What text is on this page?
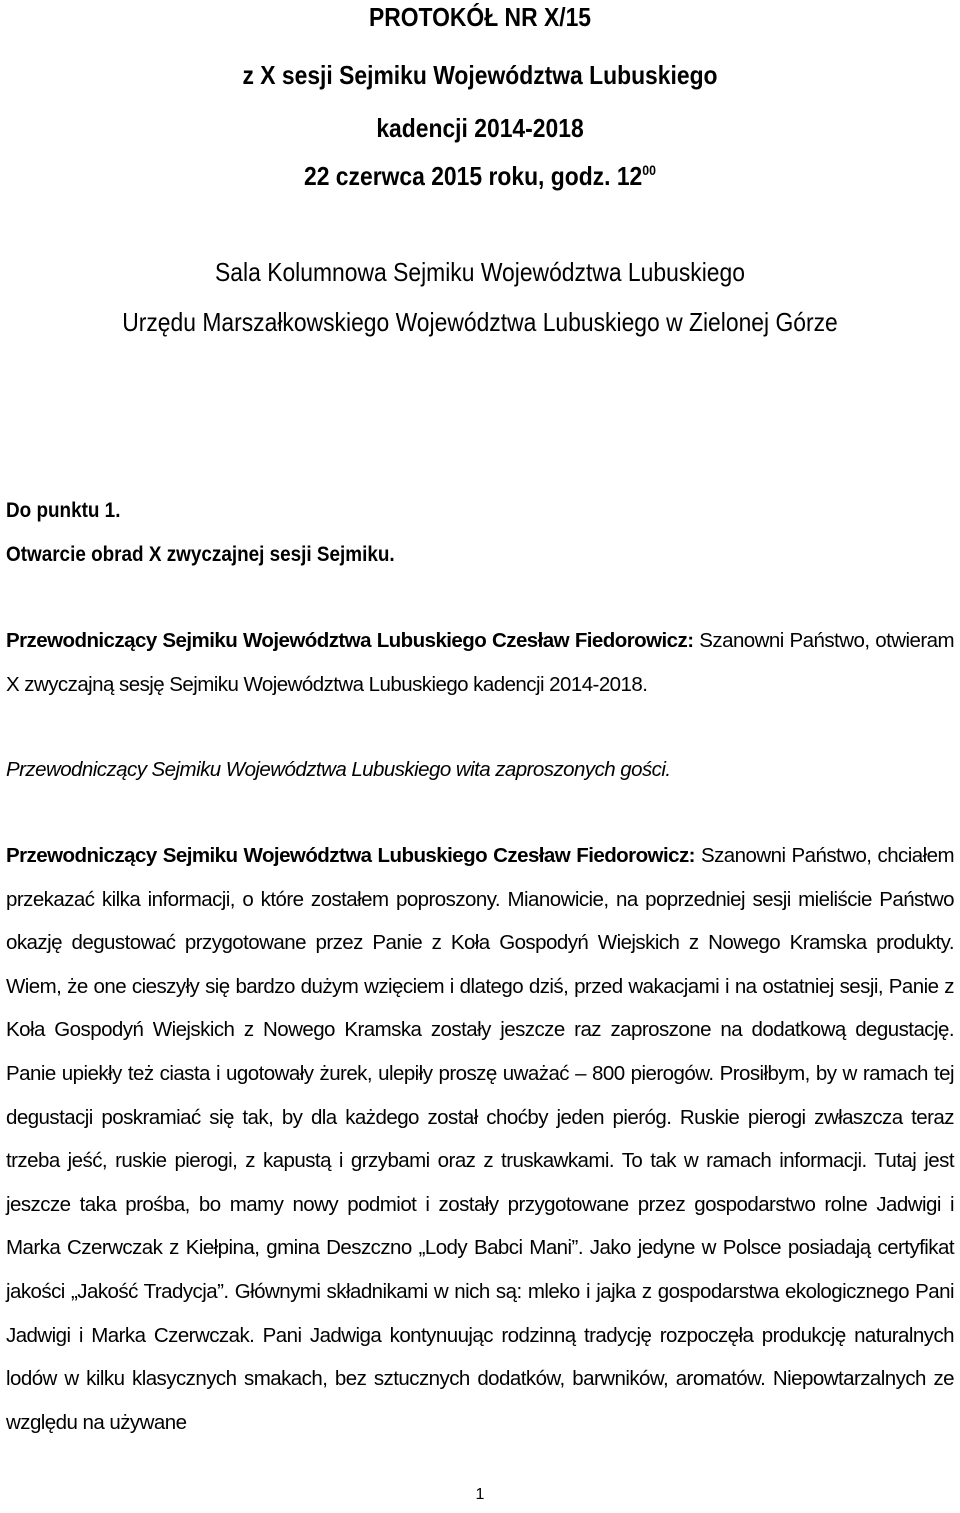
PROTOKÓŁ NR X/15
z X sesji Sejmiku Województwa Lubuskiego
kadencji 2014-2018
22 czerwca 2015 roku, godz. $12^{00}$
Sala Kolumnowa Sejmiku Województwa Lubuskiego
Urzędu Marszałkowskiego Województwa Lubuskiego w Zielonej Górze
Do punktu 1.
Otwarcie obrad X zwyczajnej sesji Sejmiku.
Przewodniczący Sejmiku Województwa Lubuskiego Czesław Fiedorowicz: Szanowni Państwo, otwieram X zwyczajną sesję Sejmiku Województwa Lubuskiego kadencji 2014-2018.
Przewodniczący Sejmiku Województwa Lubuskiego wita zaproszonych gości.
Przewodniczący Sejmiku Województwa Lubuskiego Czesław Fiedorowicz: Szanowni Państwo, chciałem przekazać kilka informacji, o które zostałem poproszony. Mianowicie, na poprzedniej sesji mieliście Państwo okazję degustować przygotowane przez Panie z Koła Gospodyń Wiejskich z Nowego Kramska produkty. Wiem, że one cieszyły się bardzo dużym wzięciem i dlatego dziś, przed wakacjami i na ostatniej sesji, Panie z Koła Gospodyń Wiejskich z Nowego Kramska zostały jeszcze raz zaproszone na dodatkową degustację. Panie upiekły też ciasta i ugotowały żurek, ulepiły proszę uważać – 800 pierogów. Prosiłbym, by w ramach tej degustacji poskramiać się tak, by dla każdego został choćby jeden pieróg. Ruskie pierogi zwłaszcza teraz trzeba jeść, ruskie pierogi, z kapustą i grzybami oraz z truskawkami. To tak w ramach informacji. Tutaj jest jeszcze taka prośba, bo mamy nowy podmiot i zostały przygotowane przez gospodarstwo rolne Jadwigi i Marka Czerwczak z Kiełpina, gmina Deszczno „Lody Babci Mani”. Jako jedyne w Polsce posiadają certyfikat jakości „Jakość Tradycja”. Głównymi składnikami w nich są: mleko i jajka z gospodarstwa ekologicznego Pani Jadwigi i Marka Czerwczak. Pani Jadwiga kontynuując rodzinną tradycję rozpoczęła produkcję naturalnych lodów w kilku klasycznych smakach, bez sztucznych dodatków, barwników, aromatów. Niepowtarzalnych ze względu na używane
1
